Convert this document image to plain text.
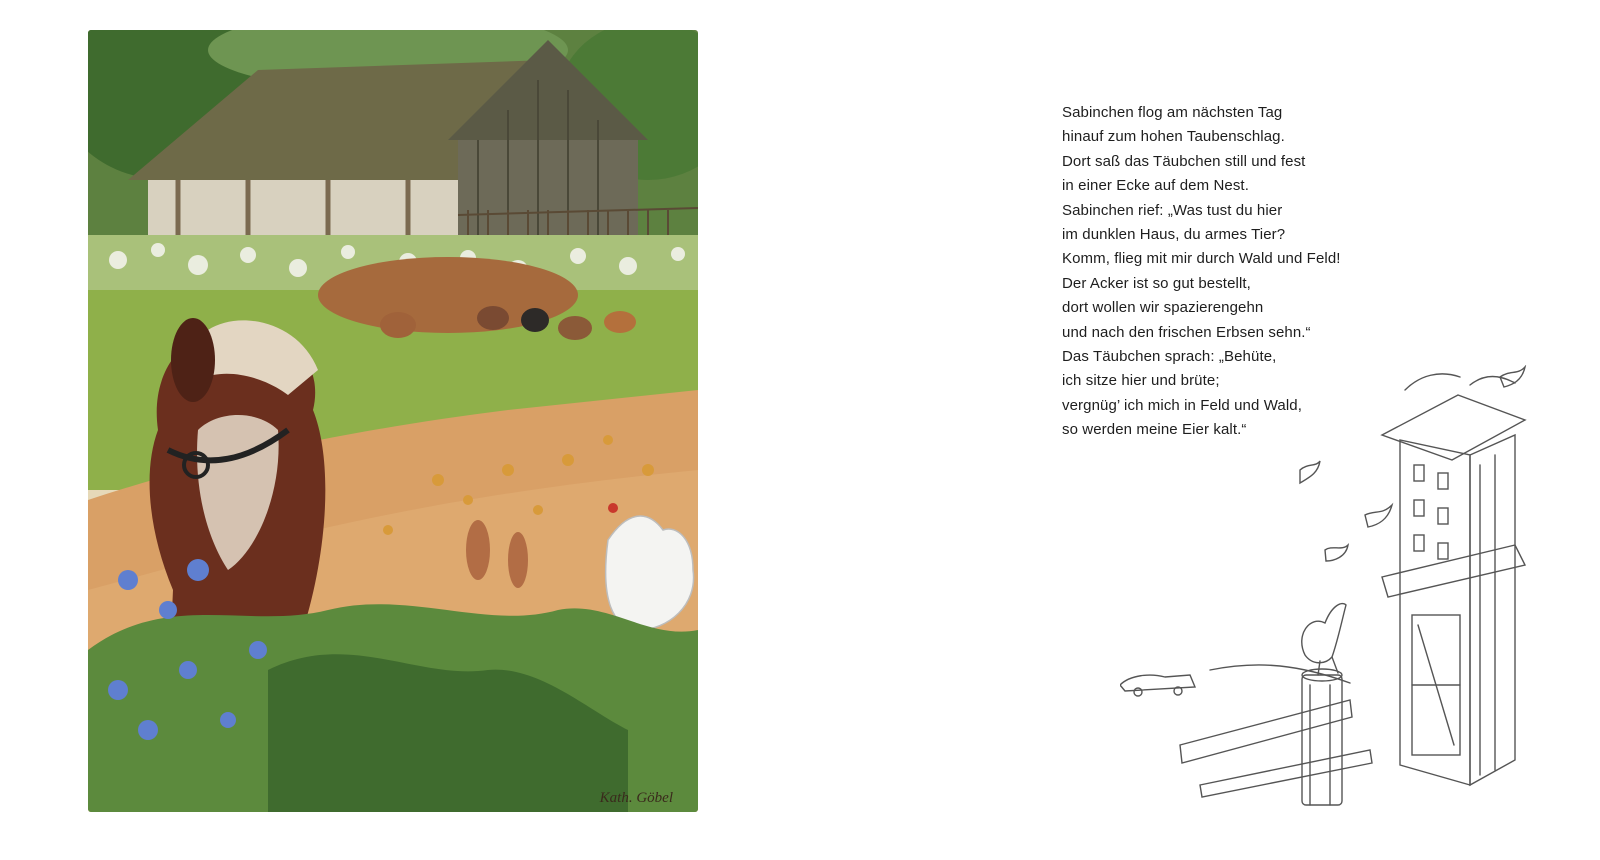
Kath. Göbel
Sabinchen flog am nächsten Tag
hinauf zum hohen Taubenschlag.
Dort saß das Täubchen still und fest
in einer Ecke auf dem Nest.
Sabinchen rief: „Was tust du hier
im dunklen Haus, du armes Tier?
Komm, flieg mit mir durch Wald und Feld!
Der Acker ist so gut bestellt,
dort wollen wir spazierengehn
und nach den frischen Erbsen sehn.“
Das Täubchen sprach: „Behüte,
ich sitze hier und brüte;
vergnüg’ ich mich in Feld und Wald,
so werden meine Eier kalt.“
